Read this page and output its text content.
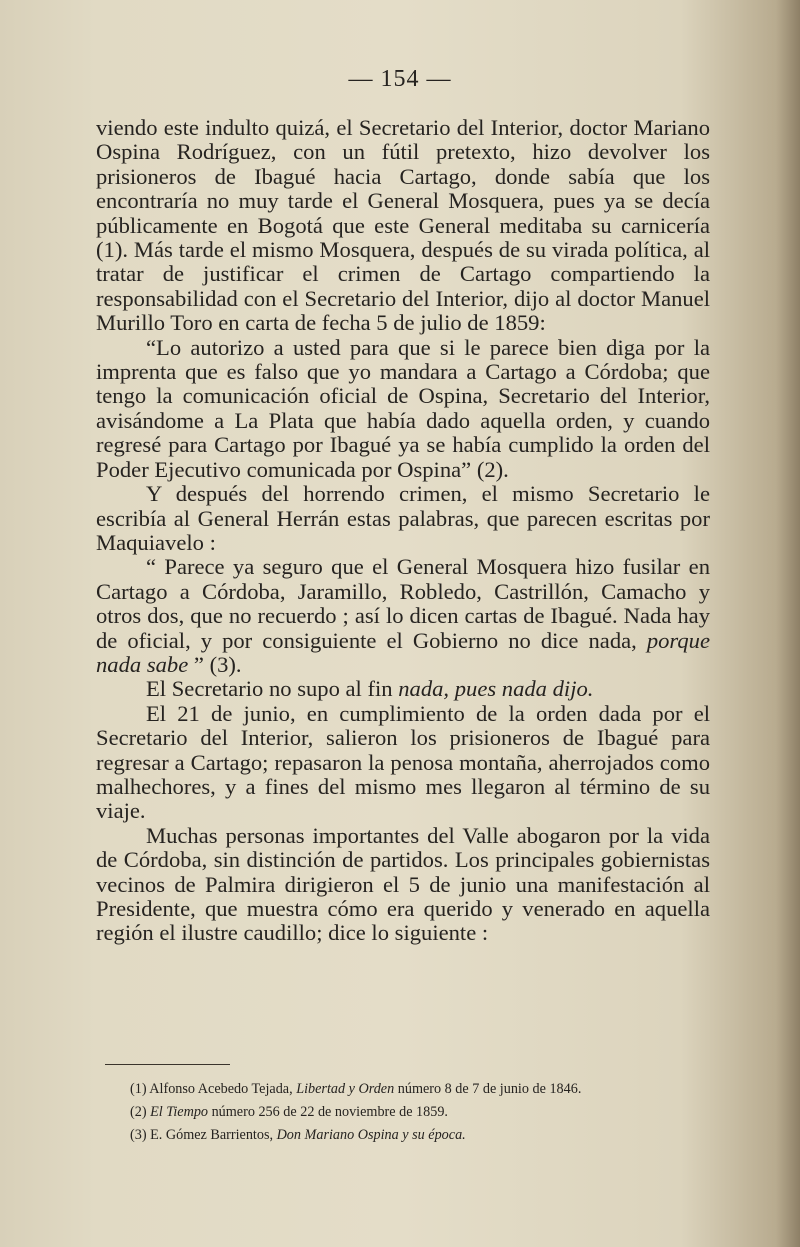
— 154 —

viendo este indulto quizá, el Secretario del Interior, doctor Mariano Ospina Rodríguez, con un fútil pretexto, hizo devolver los prisioneros de Ibagué hacia Cartago, donde sabía que los encontraría no muy tarde el General Mosquera, pues ya se decía públicamente en Bogotá que este General meditaba su carnicería (1). Más tarde el mismo Mosquera, después de su virada política, al tratar de justificar el crimen de Cartago compartiendo la responsabilidad con el Secretario del Interior, dijo al doctor Manuel Murillo Toro en carta de fecha 5 de julio de 1859:

“Lo autorizo a usted para que si le parece bien diga por la imprenta que es falso que yo mandara a Cartago a Córdoba; que tengo la comunicación oficial de Ospina, Secretario del Interior, avisándome a La Plata que había dado aquella orden, y cuando regresé para Cartago por Ibagué ya se había cumplido la orden del Poder Ejecutivo comunicada por Ospina” (2).

Y después del horrendo crimen, el mismo Secretario le escribía al General Herrán estas palabras, que parecen escritas por Maquiavelo :

“ Parece ya seguro que el General Mosquera hizo fusilar en Cartago a Córdoba, Jaramillo, Robledo, Castrillón, Camacho y otros dos, que no recuerdo ; así lo dicen cartas de Ibagué. Nada hay de oficial, y por consiguiente el Gobierno no dice nada, porque nada sabe ” (3).

El Secretario no supo al fin nada, pues nada dijo.

El 21 de junio, en cumplimiento de la orden dada por el Secretario del Interior, salieron los prisioneros de Ibagué para regresar a Cartago; repasaron la penosa montaña, aherrojados como malhechores, y a fines del mismo mes llegaron al término de su viaje.

Muchas personas importantes del Valle abogaron por la vida de Córdoba, sin distinción de partidos. Los principales gobiernistas vecinos de Palmira dirigieron el 5 de junio una manifestación al Presidente, que muestra cómo era querido y venerado en aquella región el ilustre caudillo; dice lo siguiente :

(1) Alfonso Acebedo Tejada, Libertad y Orden número 8 de 7 de junio de 1846.

(2) El Tiempo número 256 de 22 de noviembre de 1859.

(3) E. Gómez Barrientos, Don Mariano Ospina y su época.
